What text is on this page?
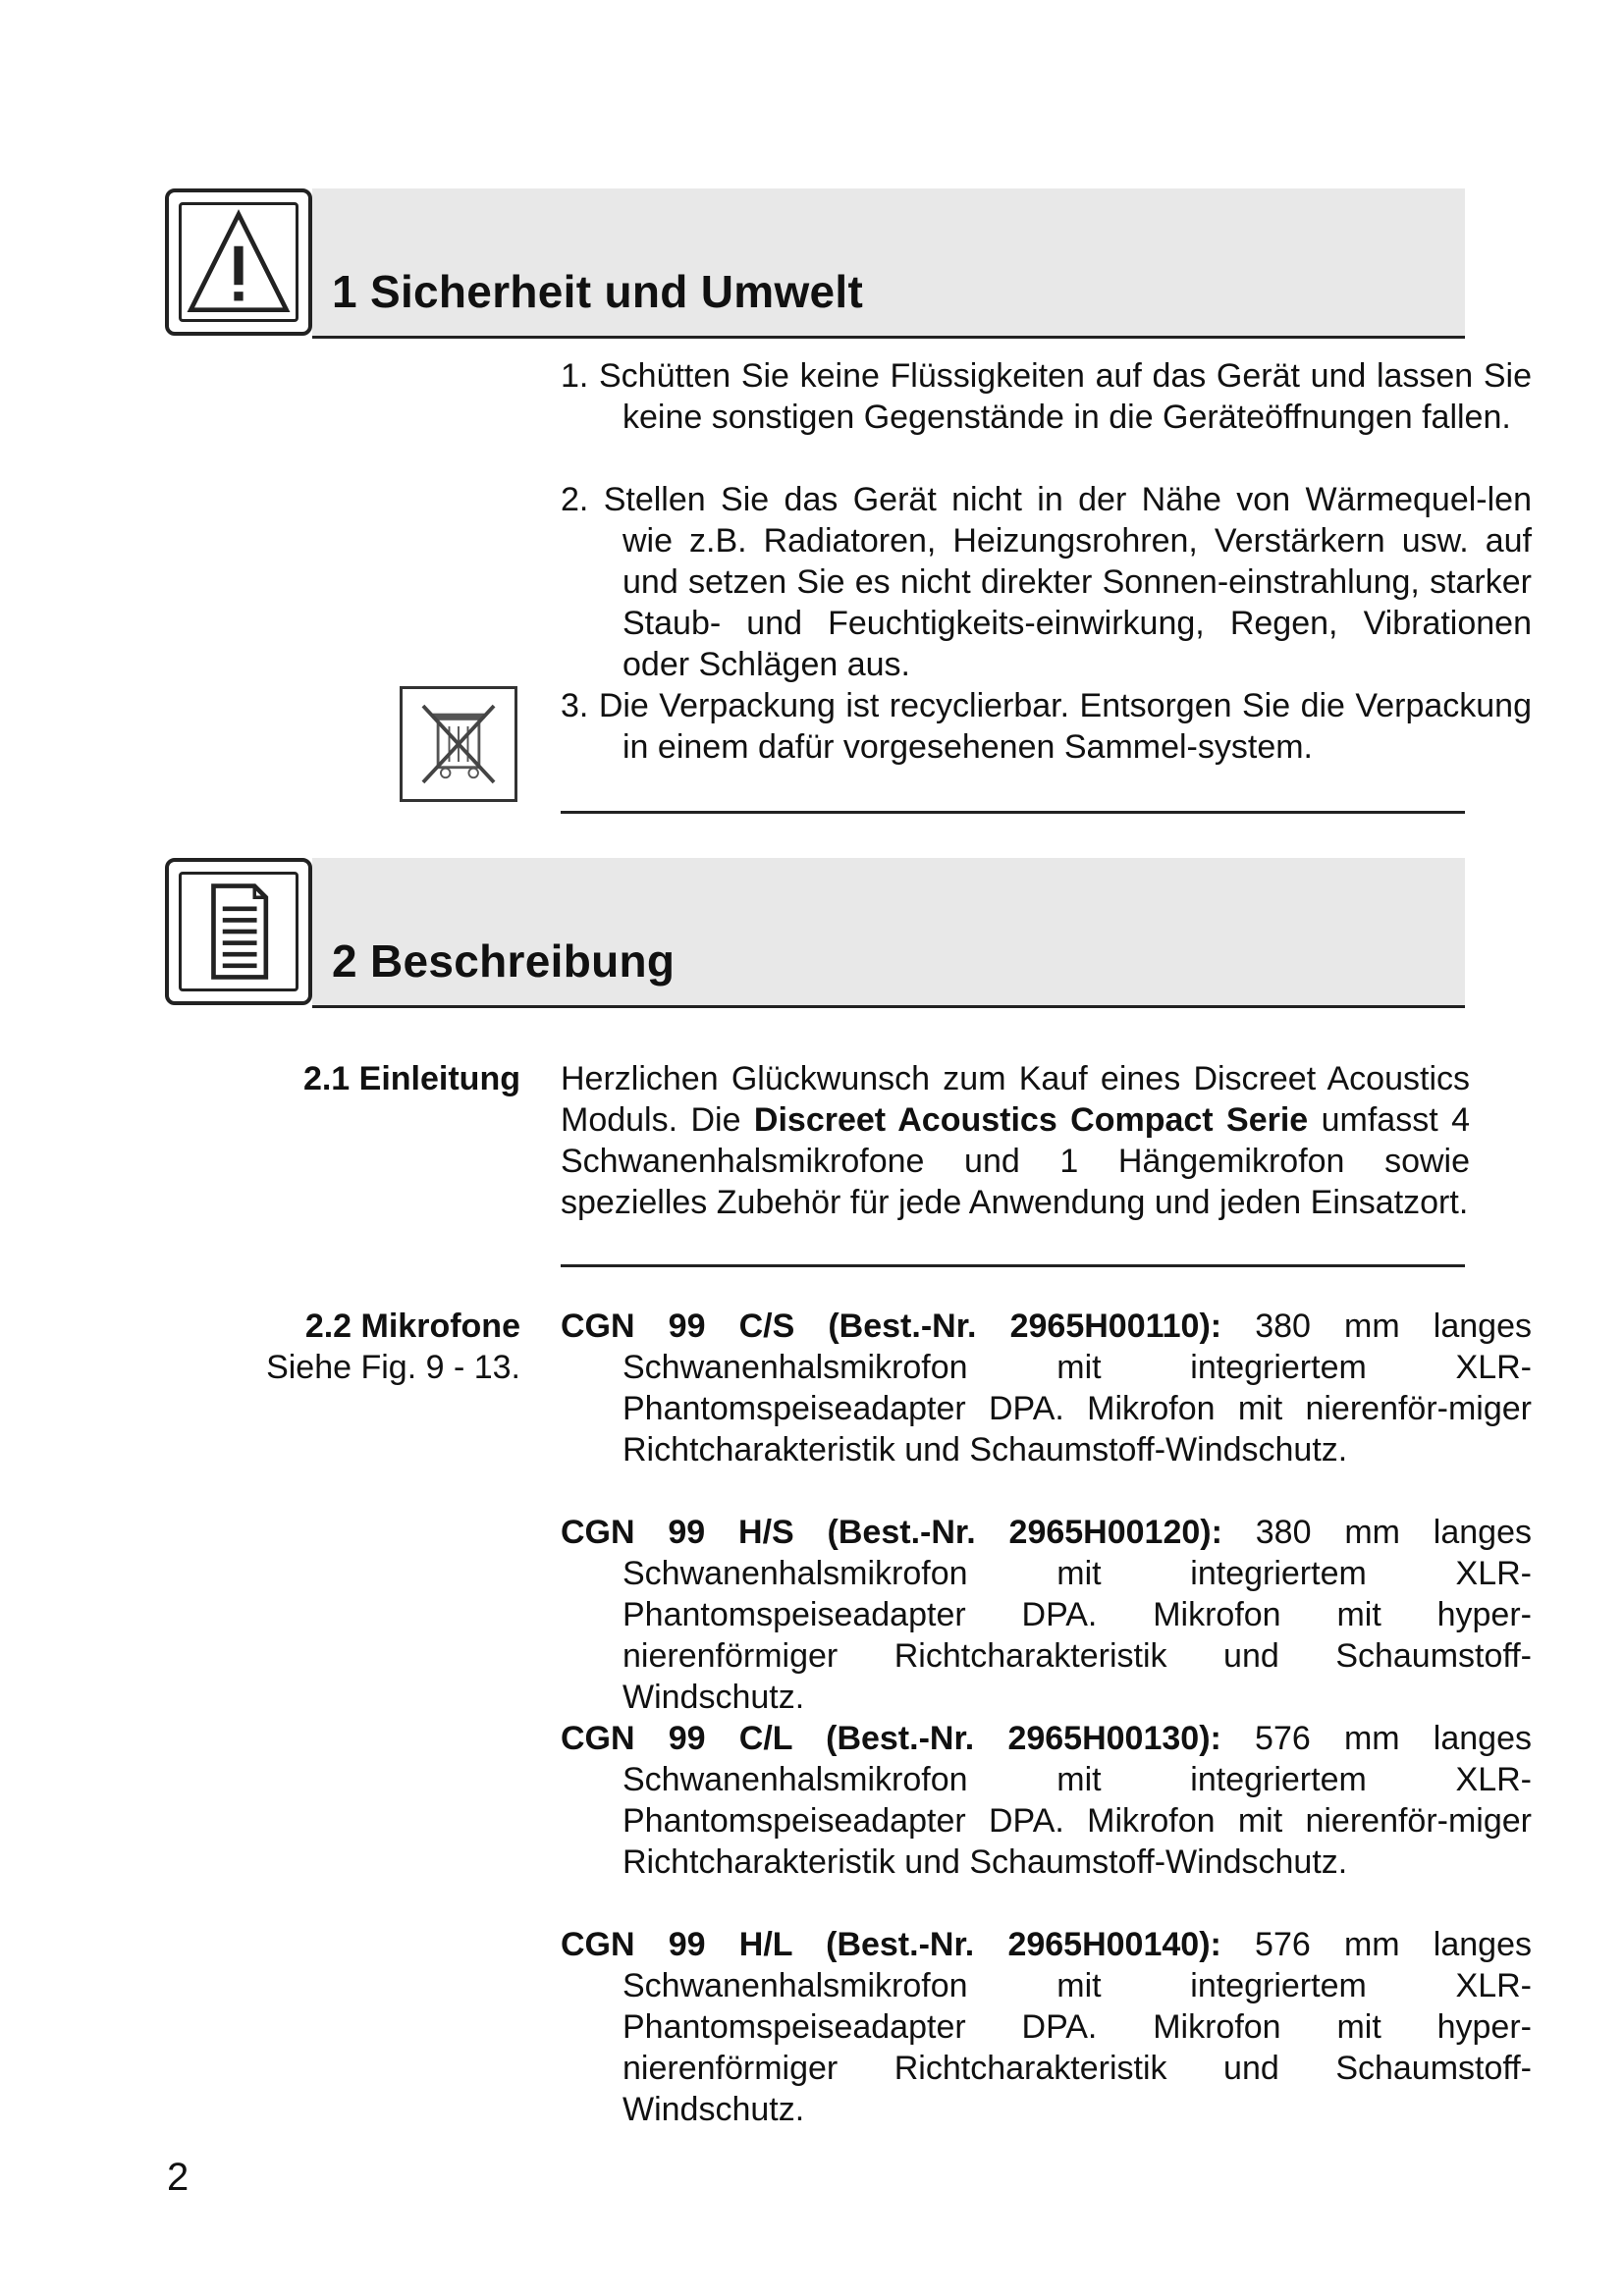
1 Sicherheit und Umwelt
1. Schütten Sie keine Flüssigkeiten auf das Gerät und lassen Sie keine sonstigen Gegenstände in die Geräteöffnungen fallen.
2. Stellen Sie das Gerät nicht in der Nähe von Wärmequel-len wie z.B. Radiatoren, Heizungsrohren, Verstärkern usw. auf und setzen Sie es nicht direkter Sonnen-einstrahlung, starker Staub- und Feuchtigkeits-einwirkung, Regen, Vibrationen oder Schlägen aus.
3. Die Verpackung ist recyclierbar. Entsorgen Sie die Verpackung in einem dafür vorgesehenen Sammel-system.
2 Beschreibung
2.1 Einleitung Herzlichen Glückwunsch zum Kauf eines Discreet Acoustics Moduls. Die Discreet Acoustics Compact Serie umfasst 4 Schwanenhalsmikrofone und 1 Hängemikrofon sowie spezielles Zubehör für jede Anwendung und jeden Einsatzort.
2.2 Mikrofone
Siehe Fig. 9 - 13.
CGN 99 C/S (Best.-Nr. 2965H00110): 380 mm langes Schwanenhalsmikrofon mit integriertem XLR-Phantomspeiseadapter DPA. Mikrofon mit nierenför-miger Richtcharakteristik und Schaumstoff-Windschutz.
CGN 99 H/S (Best.-Nr. 2965H00120): 380 mm langes Schwanenhalsmikrofon mit integriertem XLR-Phantomspeiseadapter DPA. Mikrofon mit hyper-nierenförmiger Richtcharakteristik und Schaumstoff-Windschutz.
CGN 99 C/L (Best.-Nr. 2965H00130): 576 mm langes Schwanenhalsmikrofon mit integriertem XLR-Phantomspeiseadapter DPA. Mikrofon mit nierenför-miger Richtcharakteristik und Schaumstoff-Windschutz.
CGN 99 H/L (Best.-Nr. 2965H00140): 576 mm langes Schwanenhalsmikrofon mit integriertem XLR-Phantomspeiseadapter DPA. Mikrofon mit hyper-nierenförmiger Richtcharakteristik und Schaumstoff-Windschutz.
2
